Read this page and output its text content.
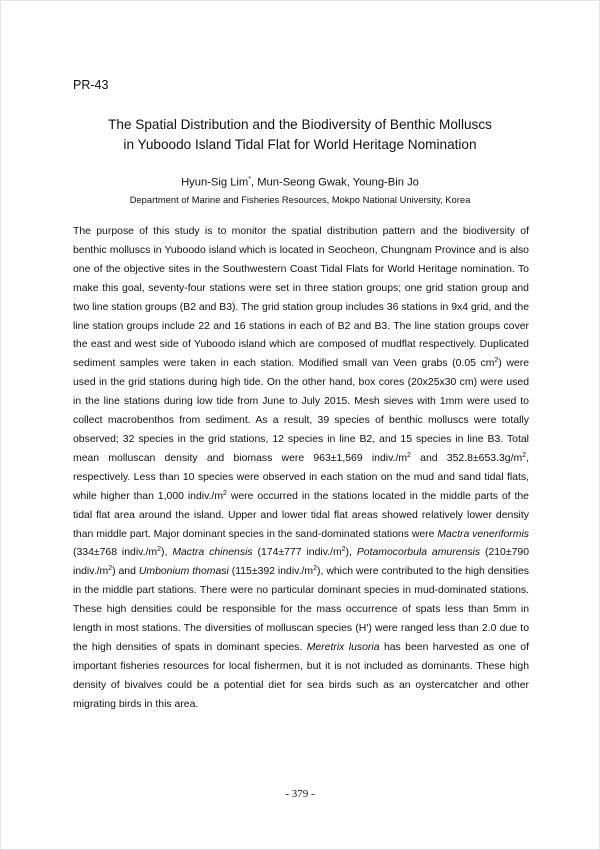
PR-43
The Spatial Distribution and the Biodiversity of Benthic Molluscs
in Yuboodo Island Tidal Flat for World Heritage Nomination
Hyun-Sig Lim*, Mun-Seong Gwak, Young-Bin Jo
Department of Marine and Fisheries Resources, Mokpo National University, Korea

The purpose of this study is to monitor the spatial distribution pattern and the biodiversity of benthic molluscs in Yuboodo island which is located in Seocheon, Chungnam Province and is also one of the objective sites in the Southwestern Coast Tidal Flats for World Heritage nomination. To make this goal, seventy-four stations were set in three station groups; one grid station group and two line station groups (B2 and B3). The grid station group includes 36 stations in 9x4 grid, and the line station groups include 22 and 16 stations in each of B2 and B3. The line station groups cover the east and west side of Yuboodo island which are composed of mudflat respectively. Duplicated sediment samples were taken in each station. Modified small van Veen grabs (0.05 $cm^2$) were used in the grid stations during high tide. On the other hand, box cores (20x25x30 cm) were used in the line stations during low tide from June to July 2015. Mesh sieves with 1mm were used to collect macrobenthos from sediment. As a result, 39 species of benthic molluscs were totally observed; 32 species in the grid stations, 12 species in line B2, and 15 species in line B3. Total mean molluscan density and biomass were 963±1,569 $indiv./m^2$ and $352.8\pm 653.3g/m^2$, respectively. Less than 10 species were observed in each station on the mud and sand tidal flats, while higher than 1,000 $indiv./m^2$ were occurred in the stations located in the middle parts of the tidal flat area around the island. Upper and lower tidal flat areas showed relatively lower density than middle part. Major dominant species in the sand-dominated stations were Mactra veneriformis (334±768 $indiv./m^2$), Mactra chinensis (174±777 $indiv./m^2$), Potamocorbula amurensis (210±790 $indiv./m^2$) and Umbonium thomasi (115±392 $indiv./m^2$), which were contributed to the high densities in the middle part stations. There were no particular dominant species in mud-dominated stations. These high densities could be responsible for the mass occurrence of spats less than 5mm in length in most stations. The diversities of molluscan species (H') were ranged less than 2.0 due to the high densities of spats in dominant species. Meretrix lusoria has been harvested as one of important fisheries resources for local fishermen, but it is not included as dominants. These high density of bivalves could be a potential diet for sea birds such as an oystercatcher and other migrating birds in this area.

- 379 -
